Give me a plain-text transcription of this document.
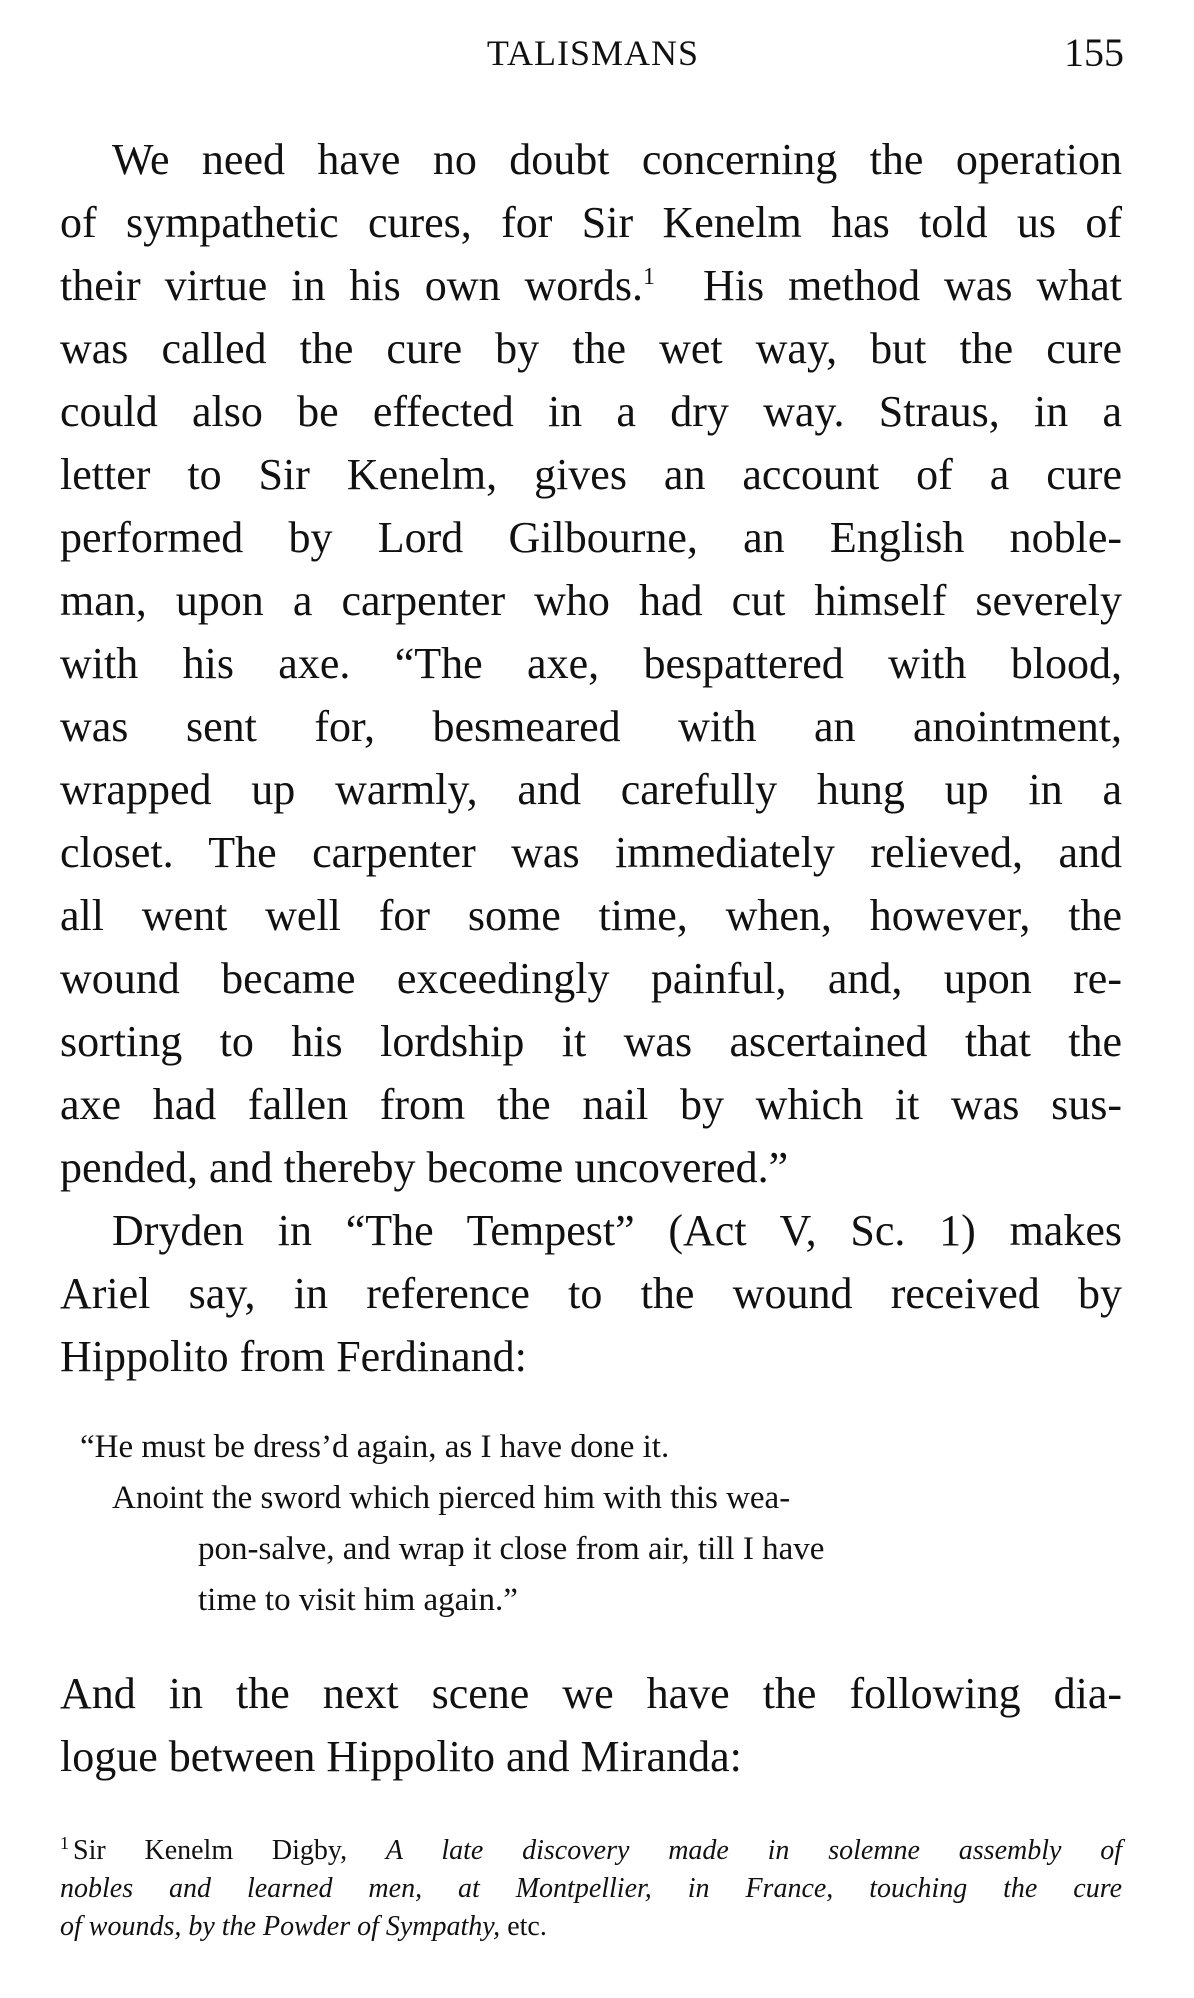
TALISMANS	155

We need have no doubt concerning the operation
of sympathetic cures, for Sir Kenelm has told us of
their virtue in his own words.$^1$ His method was what
was called the cure by the wet way, but the cure
could also be effected in a dry way. Straus, in a
letter to Sir Kenelm, gives an account of a cure
performed by Lord Gilbourne, an English noble-
man, upon a carpenter who had cut himself severely
with his axe. “The axe, bespattered with blood,
was sent for, besmeared with an anointment,
wrapped up warmly, and carefully hung up in a
closet. The carpenter was immediately relieved, and
all went well for some time, when, however, the
wound became exceedingly painful, and, upon re-
sorting to his lordship it was ascertained that the
axe had fallen from the nail by which it was sus-
pended, and thereby become uncovered.”

Dryden in “The Tempest” (Act V, Sc. 1) makes
Ariel say, in reference to the wound received by
Hippolito from Ferdinand:

“He must be dress’d again, as I have done it.
Anoint the sword which pierced him with this wea-
pon-salve, and wrap it close from air, till I have
time to visit him again.”
And in the next scene we have the following dia-
logue between Hippolito and Miranda:
$^1$ Sir Kenelm Digby, A late discovery made in solemne assembly of
nobles and learned men, at Montpellier, in France, touching the cure
of wounds, by the Powder of Sympathy, etc.
